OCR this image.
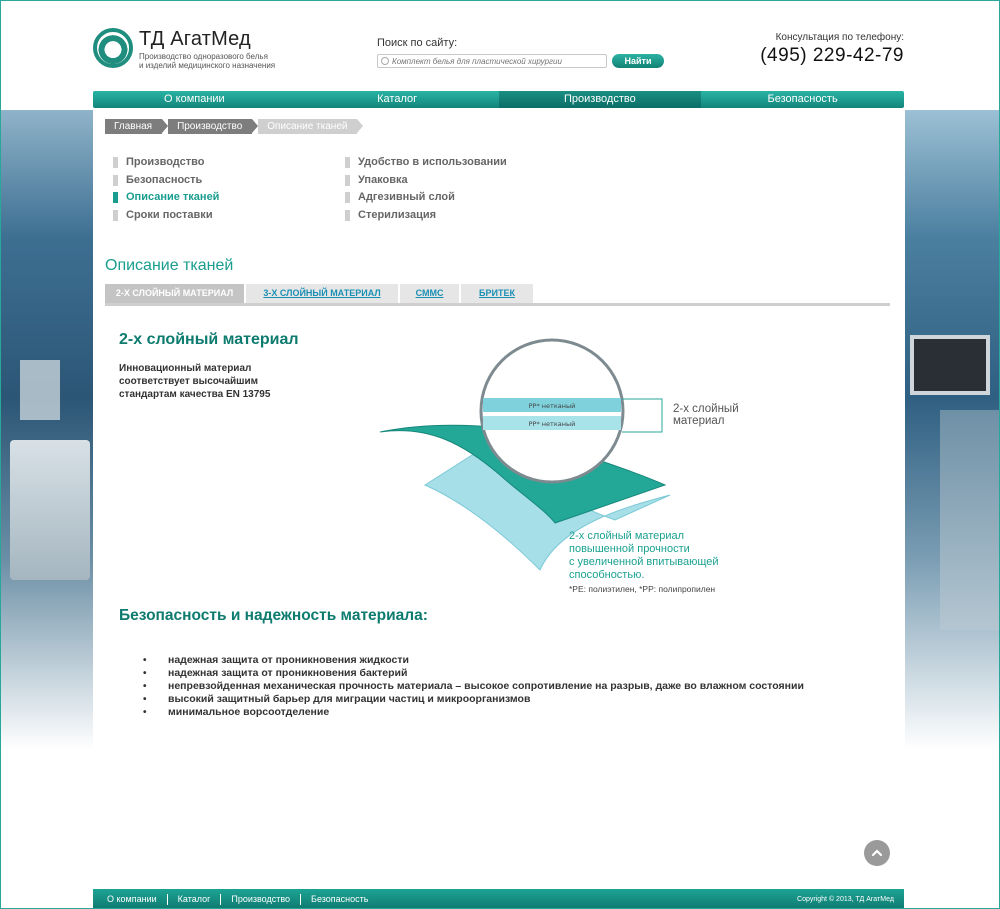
ТД АгатМед
Производство одноразового белья
и изделий медицинского назначения
Поиск по сайту:
Комплект белья для пластической хирургии
Найти
Консультация по телефону:
(495) 229-42-79
О компании	Каталог	Производство	Безопасность
Главная	Производство	Описание тканей
Производство
Безопасность
Описание тканей
Сроки поставки
Удобство в использовании
Упаковка
Адгезивный слой
Стерилизация
Описание тканей
2-Х СЛОЙНЫЙ МАТЕРИАЛ	3-Х СЛОЙНЫЙ МАТЕРИАЛ	СММС	БРИТЕК
2-х слойный материал
Инновационный материал соответствует высочайшим стандартам качества EN 13795
PP* нетканый
PP* нетканый
2-х слойный
материал
2-х слойный материал
повышенной прочности
с увеличенной впитывающей
способностью.
*PE: полиэтилен, *PP: полипропилен
Безопасность и надежность материала:
• надежная защита от проникновения жидкости
• надежная защита от проникновения бактерий
• непревзойденная механическая прочность материала – высокое сопротивление на разрыв, даже во влажном состоянии
• высокий защитный барьер для миграции частиц и микроорганизмов
• минимальное ворсоотделение
О компании	Каталог	Производство	Безопасность	Copyright © 2013, ТД АгатМед
